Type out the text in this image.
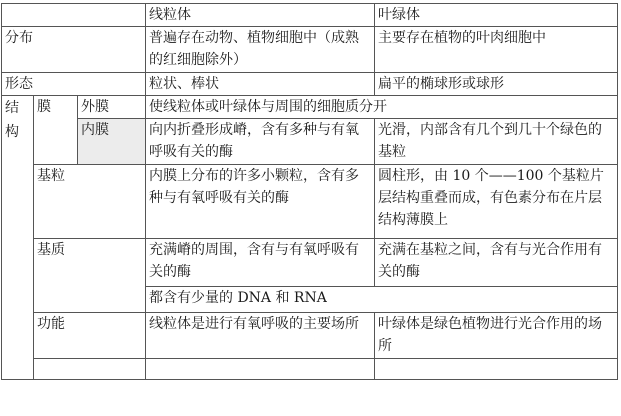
			线粒体	叶绿体
分布			普遍存在动物、植物细胞中（成熟的红细胞除外）	主要存在植物的叶肉细胞中
形态			粒状、棒状	扁平的椭球形或球形
结构	膜	外膜	使线粒体或叶绿体与周围的细胞质分开	
		内膜	向内折叠形成嵴，含有多种与有氧呼吸有关的酶	光滑，内部含有几个到几十个绿色的基粒
	基粒		内膜上分布的许多小颗粒，含有多种与有氧呼吸有关的酶	圆柱形，由 10 个——100 个基粒片层结构重叠而成，有色素分布在片层结构薄膜上
	基质		充满嵴的周围，含有与有氧呼吸有关的酶	充满在基粒之间，含有与光合作用有关的酶
			都含有少量的 DNA 和 RNA	
	功能		线粒体是进行有氧呼吸的主要场所	叶绿体是绿色植物进行光合作用的场所
